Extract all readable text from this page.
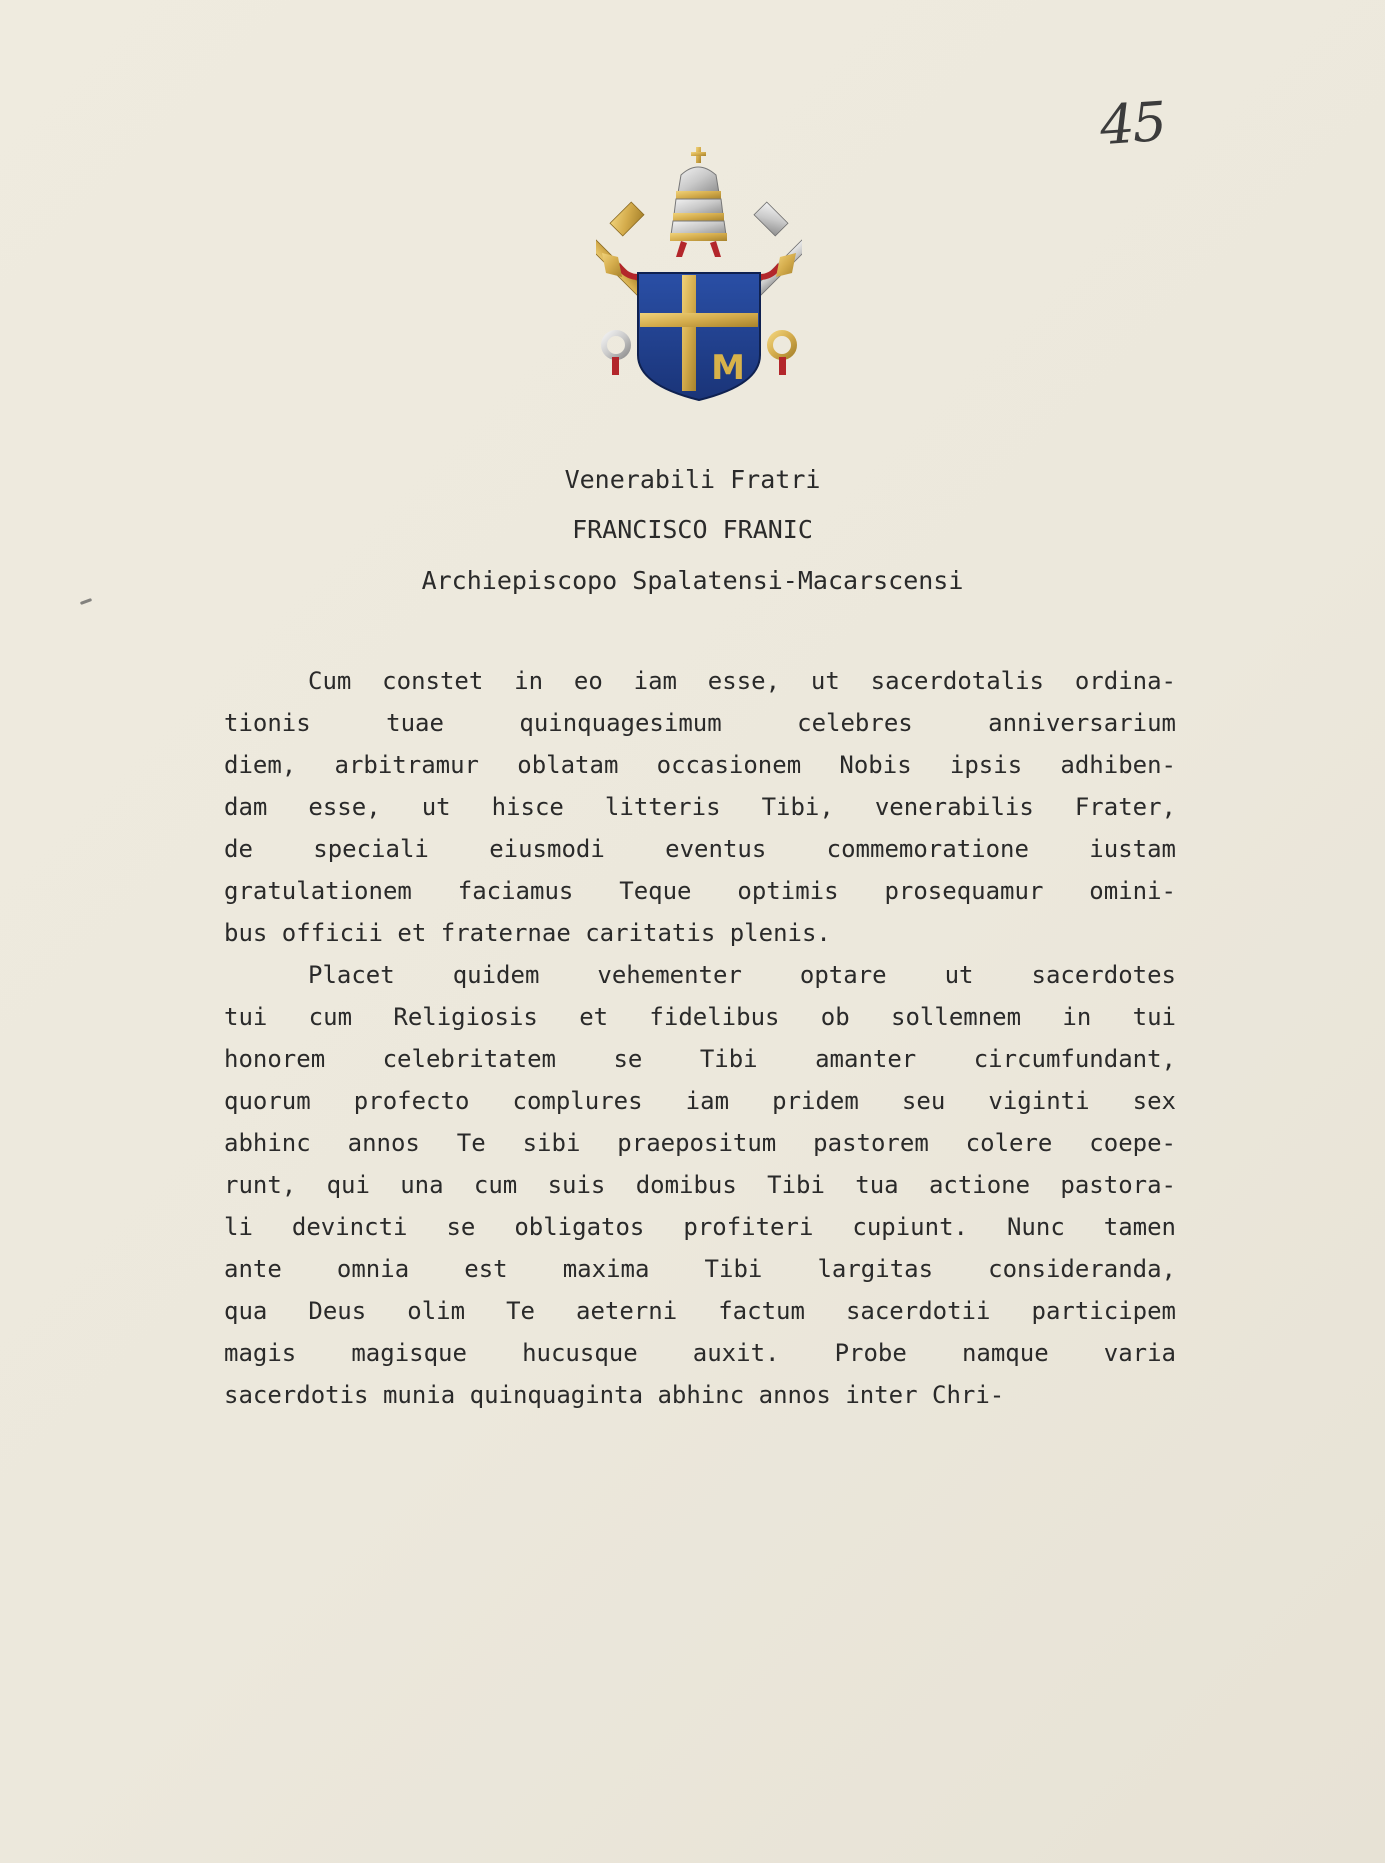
45
M
Venerabili Fratri
FRANCISCO FRANIC
Archiepiscopo Spalatensi-Macarscensi
Cum constet in eo iam esse, ut sacerdotalis ordina-
tionis tuae quinquagesimum celebres anniversarium
diem, arbitramur oblatam occasionem Nobis ipsis adhiben-
dam esse, ut hisce litteris Tibi, venerabilis Frater,
de speciali eiusmodi eventus commemoratione iustam
gratulationem faciamus Teque optimis prosequamur omini-
bus officii et fraternae caritatis plenis.
Placet quidem vehementer optare ut sacerdotes
tui cum Religiosis et fidelibus ob sollemnem in tui
honorem celebritatem se Tibi amanter circumfundant,
quorum profecto complures iam pridem seu viginti sex
abhinc annos Te sibi praepositum pastorem colere coepe-
runt, qui una cum suis domibus Tibi tua actione pastora-
li devincti se obligatos profiteri cupiunt. Nunc tamen
ante omnia est maxima Tibi largitas consideranda,
qua Deus olim Te aeterni factum sacerdotii participem
magis magisque hucusque auxit. Probe namque varia
sacerdotis munia quinquaginta abhinc annos inter Chri-
